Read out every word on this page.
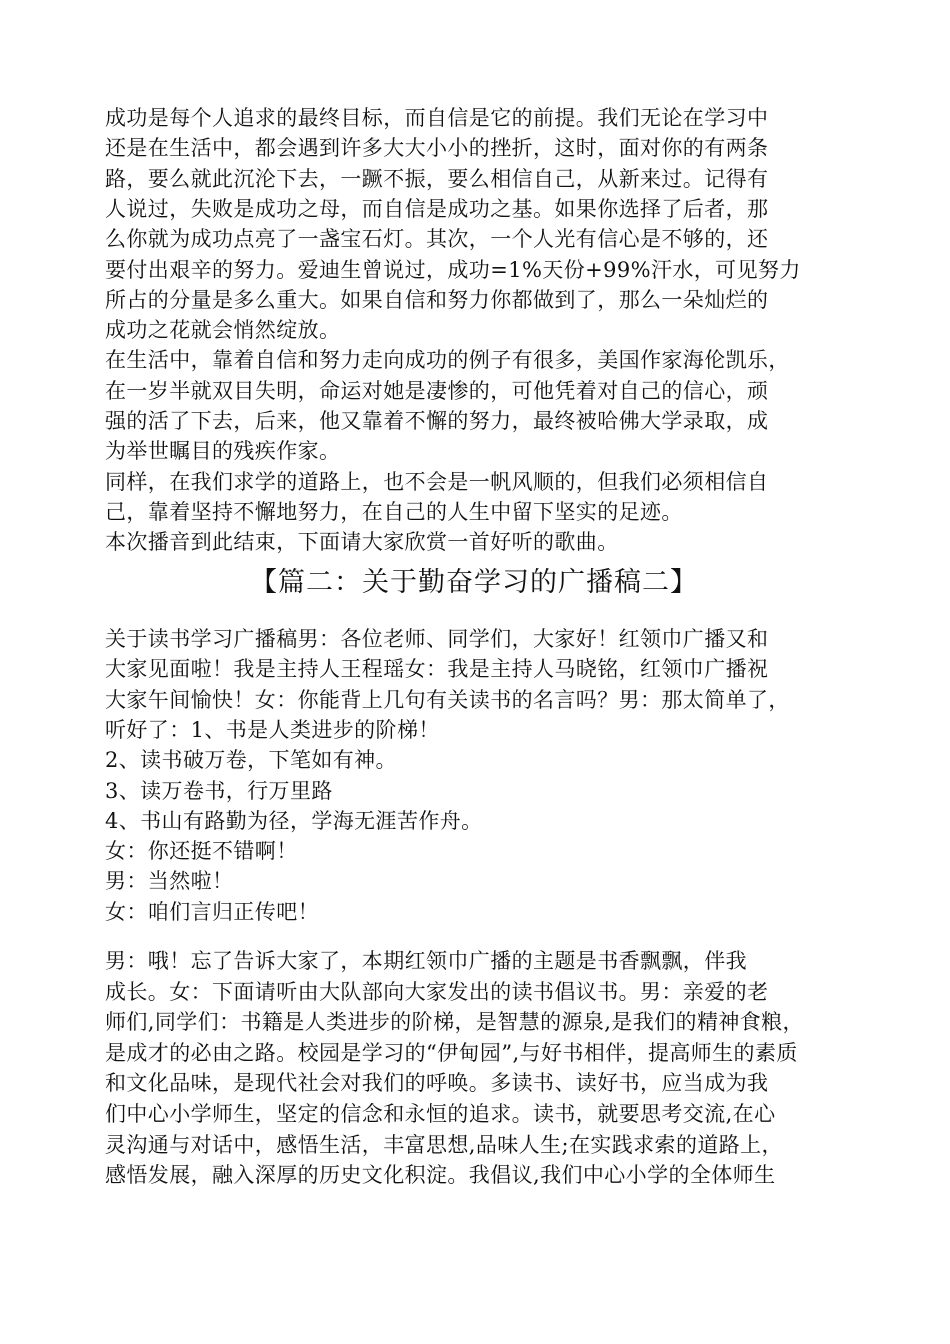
成功是每个人追求的最终目标，而自信是它的前提。我们无论在学习中
还是在生活中，都会遇到许多大大小小的挫折，这时，面对你的有两条
路，要么就此沉沦下去，一蹶不振，要么相信自己，从新来过。记得有
人说过，失败是成功之母，而自信是成功之基。如果你选择了后者，那
么你就为成功点亮了一盏宝石灯。其次，一个人光有信心是不够的，还
要付出艰辛的努力。爱迪生曾说过，成功=1%天份+99%汗水，可见努力
所占的分量是多么重大。如果自信和努力你都做到了，那么一朵灿烂的
成功之花就会悄然绽放。
在生活中，靠着自信和努力走向成功的例子有很多，美国作家海伦凯乐，
在一岁半就双目失明，命运对她是凄惨的，可他凭着对自己的信心，顽
强的活了下去，后来，他又靠着不懈的努力，最终被哈佛大学录取，成
为举世瞩目的残疾作家。
同样，在我们求学的道路上，也不会是一帆风顺的，但我们必须相信自
己，靠着坚持不懈地努力，在自己的人生中留下坚实的足迹。
本次播音到此结束，下面请大家欣赏一首好听的歌曲。
【篇二：关于勤奋学习的广播稿二】
关于读书学习广播稿男：各位老师、同学们，大家好！红领巾广播又和
大家见面啦！我是主持人王程瑶女：我是主持人马晓铭，红领巾广播祝
大家午间愉快！女：你能背上几句有关读书的名言吗？男：那太简单了，
听好了：1、书是人类进步的阶梯！
2、读书破万卷，下笔如有神。
3、读万卷书，行万里路
4、书山有路勤为径，学海无涯苦作舟。
女：你还挺不错啊！
男：当然啦！
女：咱们言归正传吧！
男：哦！忘了告诉大家了，本期红领巾广播的主题是书香飘飘，伴我
成长。女：下面请听由大队部向大家发出的读书倡议书。男：亲爱的老
师们,同学们：书籍是人类进步的阶梯，是智慧的源泉,是我们的精神食粮，
是成才的必由之路。校园是学习的“伊甸园”,与好书相伴，提高师生的素质
和文化品味，是现代社会对我们的呼唤。多读书、读好书，应当成为我
们中心小学师生，坚定的信念和永恒的追求。读书，就要思考交流,在心
灵沟通与对话中，感悟生活，丰富思想,品味人生;在实践求索的道路上，
感悟发展，融入深厚的历史文化积淀。我倡议,我们中心小学的全体师生
